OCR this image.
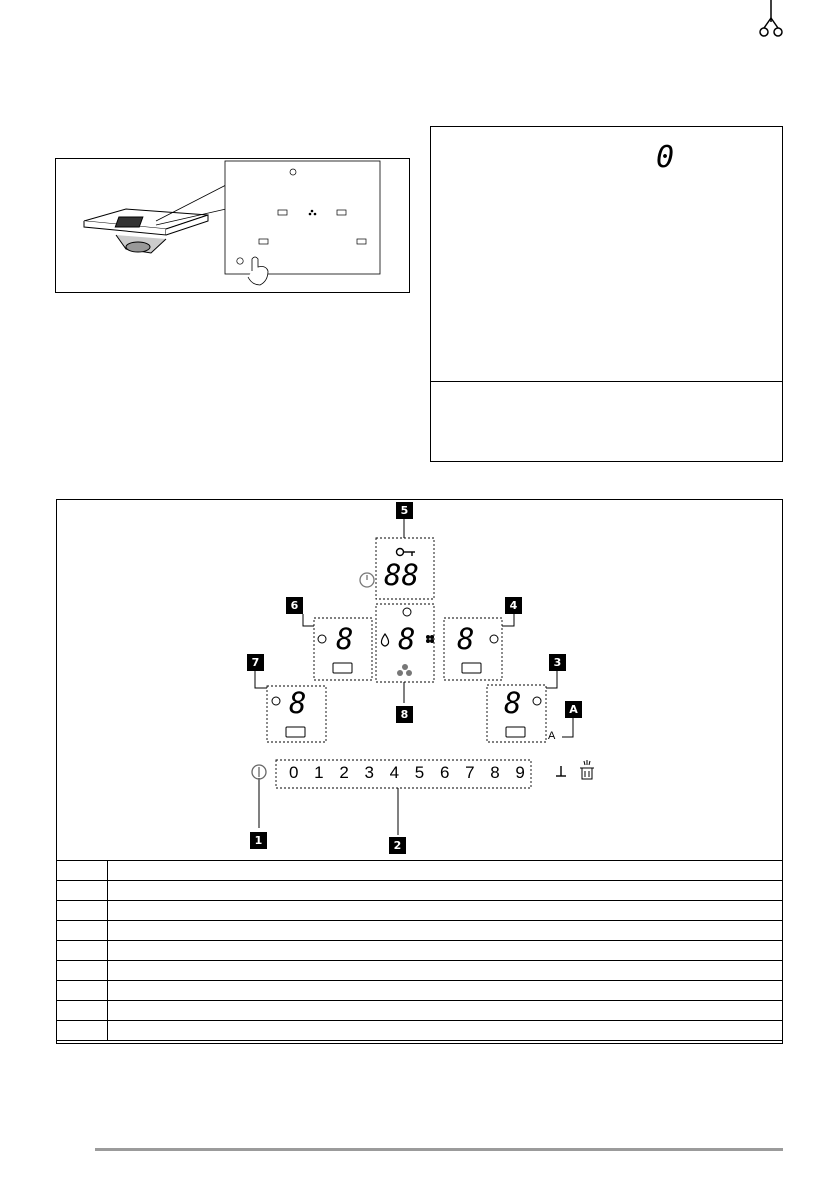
0
88
8 8 8
8	8
0 1 2 3 4 5 6 7 8 9
A
5
6	4
7	3
8	A
1	2
